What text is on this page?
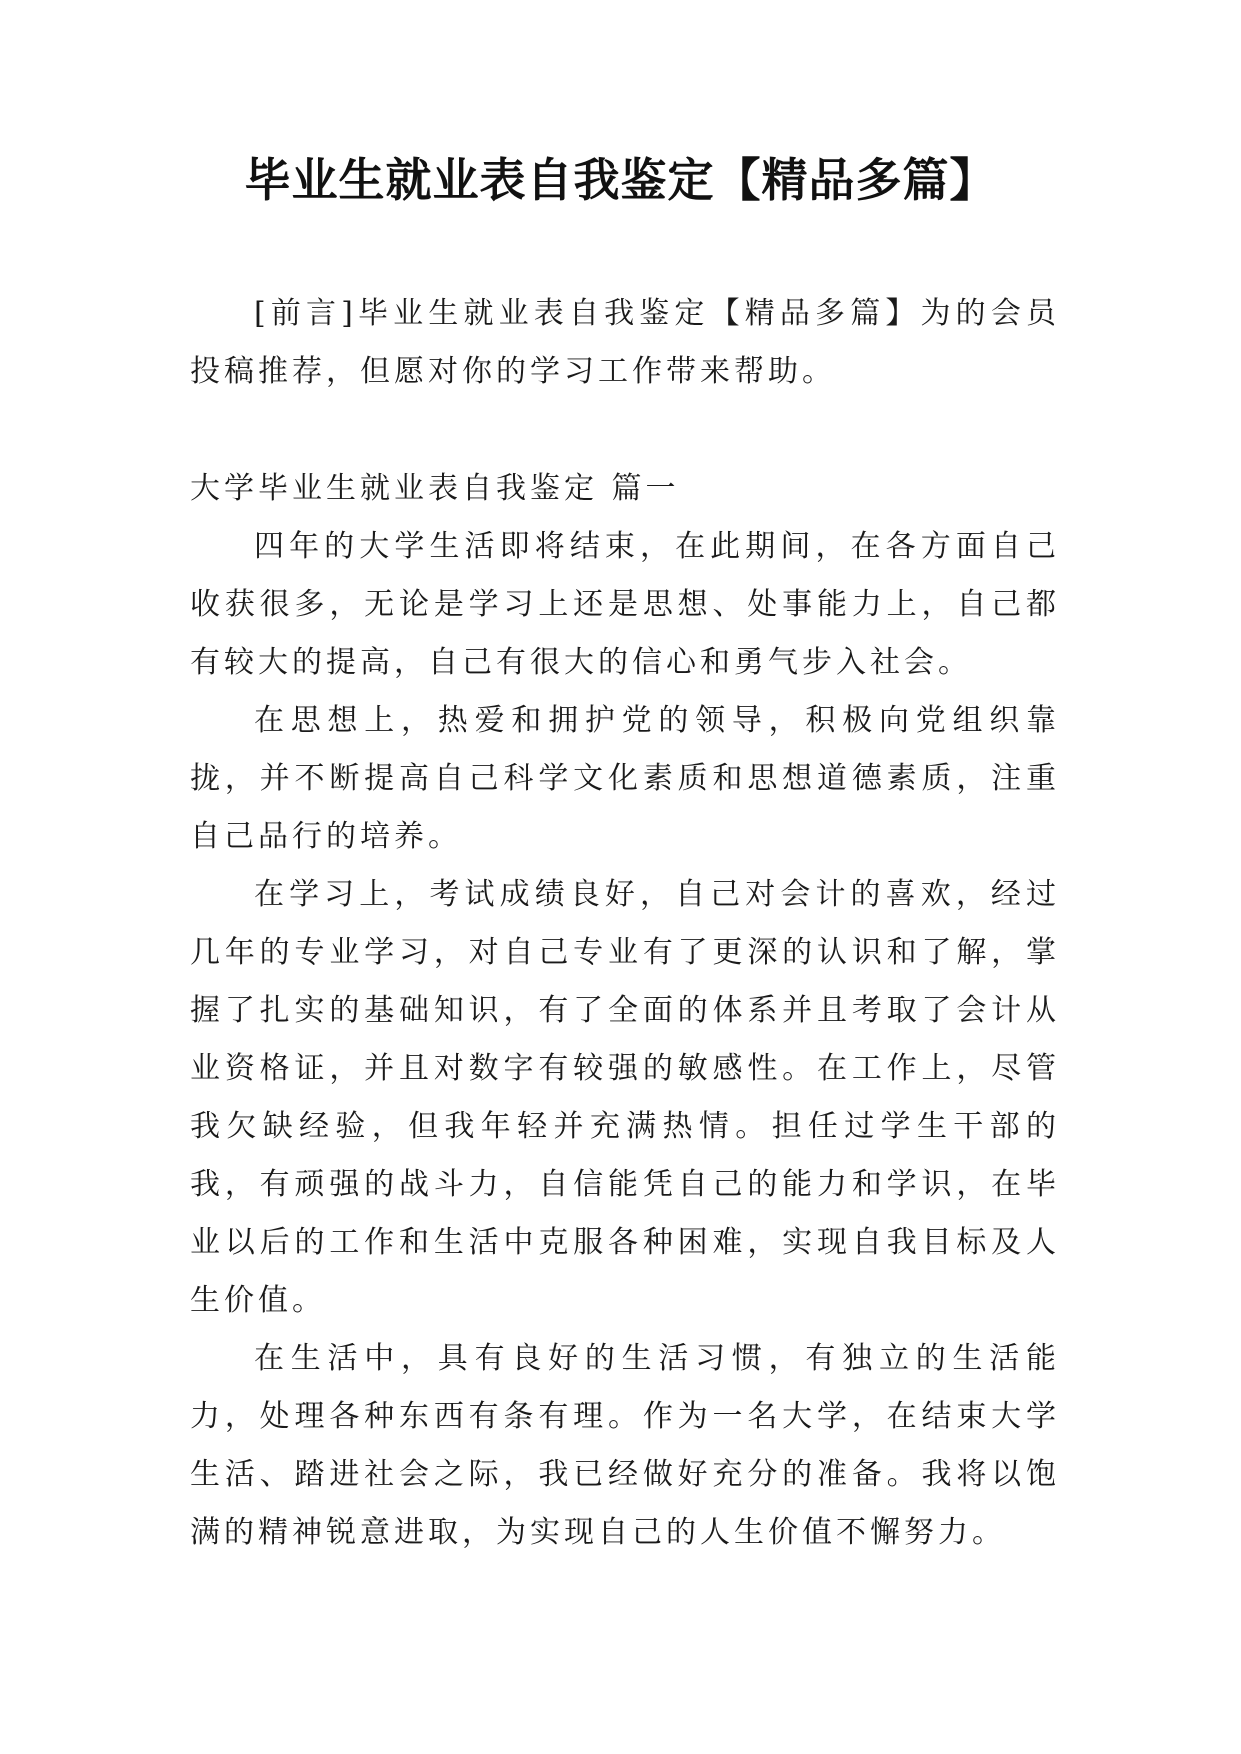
毕业生就业表自我鉴定【精品多篇】

[前言]毕业生就业表自我鉴定【精品多篇】为的会员投稿推荐，但愿对你的学习工作带来帮助。

大学毕业生就业表自我鉴定 篇一

四年的大学生活即将结束，在此期间，在各方面自己收获很多，无论是学习上还是思想、处事能力上，自己都有较大的提高，自己有很大的信心和勇气步入社会。

在思想上，热爱和拥护党的领导，积极向党组织靠拢，并不断提高自己科学文化素质和思想道德素质，注重自己品行的培养。

在学习上，考试成绩良好，自己对会计的喜欢，经过几年的专业学习，对自己专业有了更深的认识和了解，掌握了扎实的基础知识，有了全面的体系并且考取了会计从业资格证，并且对数字有较强的敏感性。在工作上，尽管我欠缺经验，但我年轻并充满热情。担任过学生干部的我，有顽强的战斗力，自信能凭自己的能力和学识，在毕业以后的工作和生活中克服各种困难，实现自我目标及人生价值。

在生活中，具有良好的生活习惯，有独立的生活能力，处理各种东西有条有理。作为一名大学，在结束大学生活、踏进社会之际，我已经做好充分的准备。我将以饱满的精神锐意进取，为实现自己的人生价值不懈努力。
